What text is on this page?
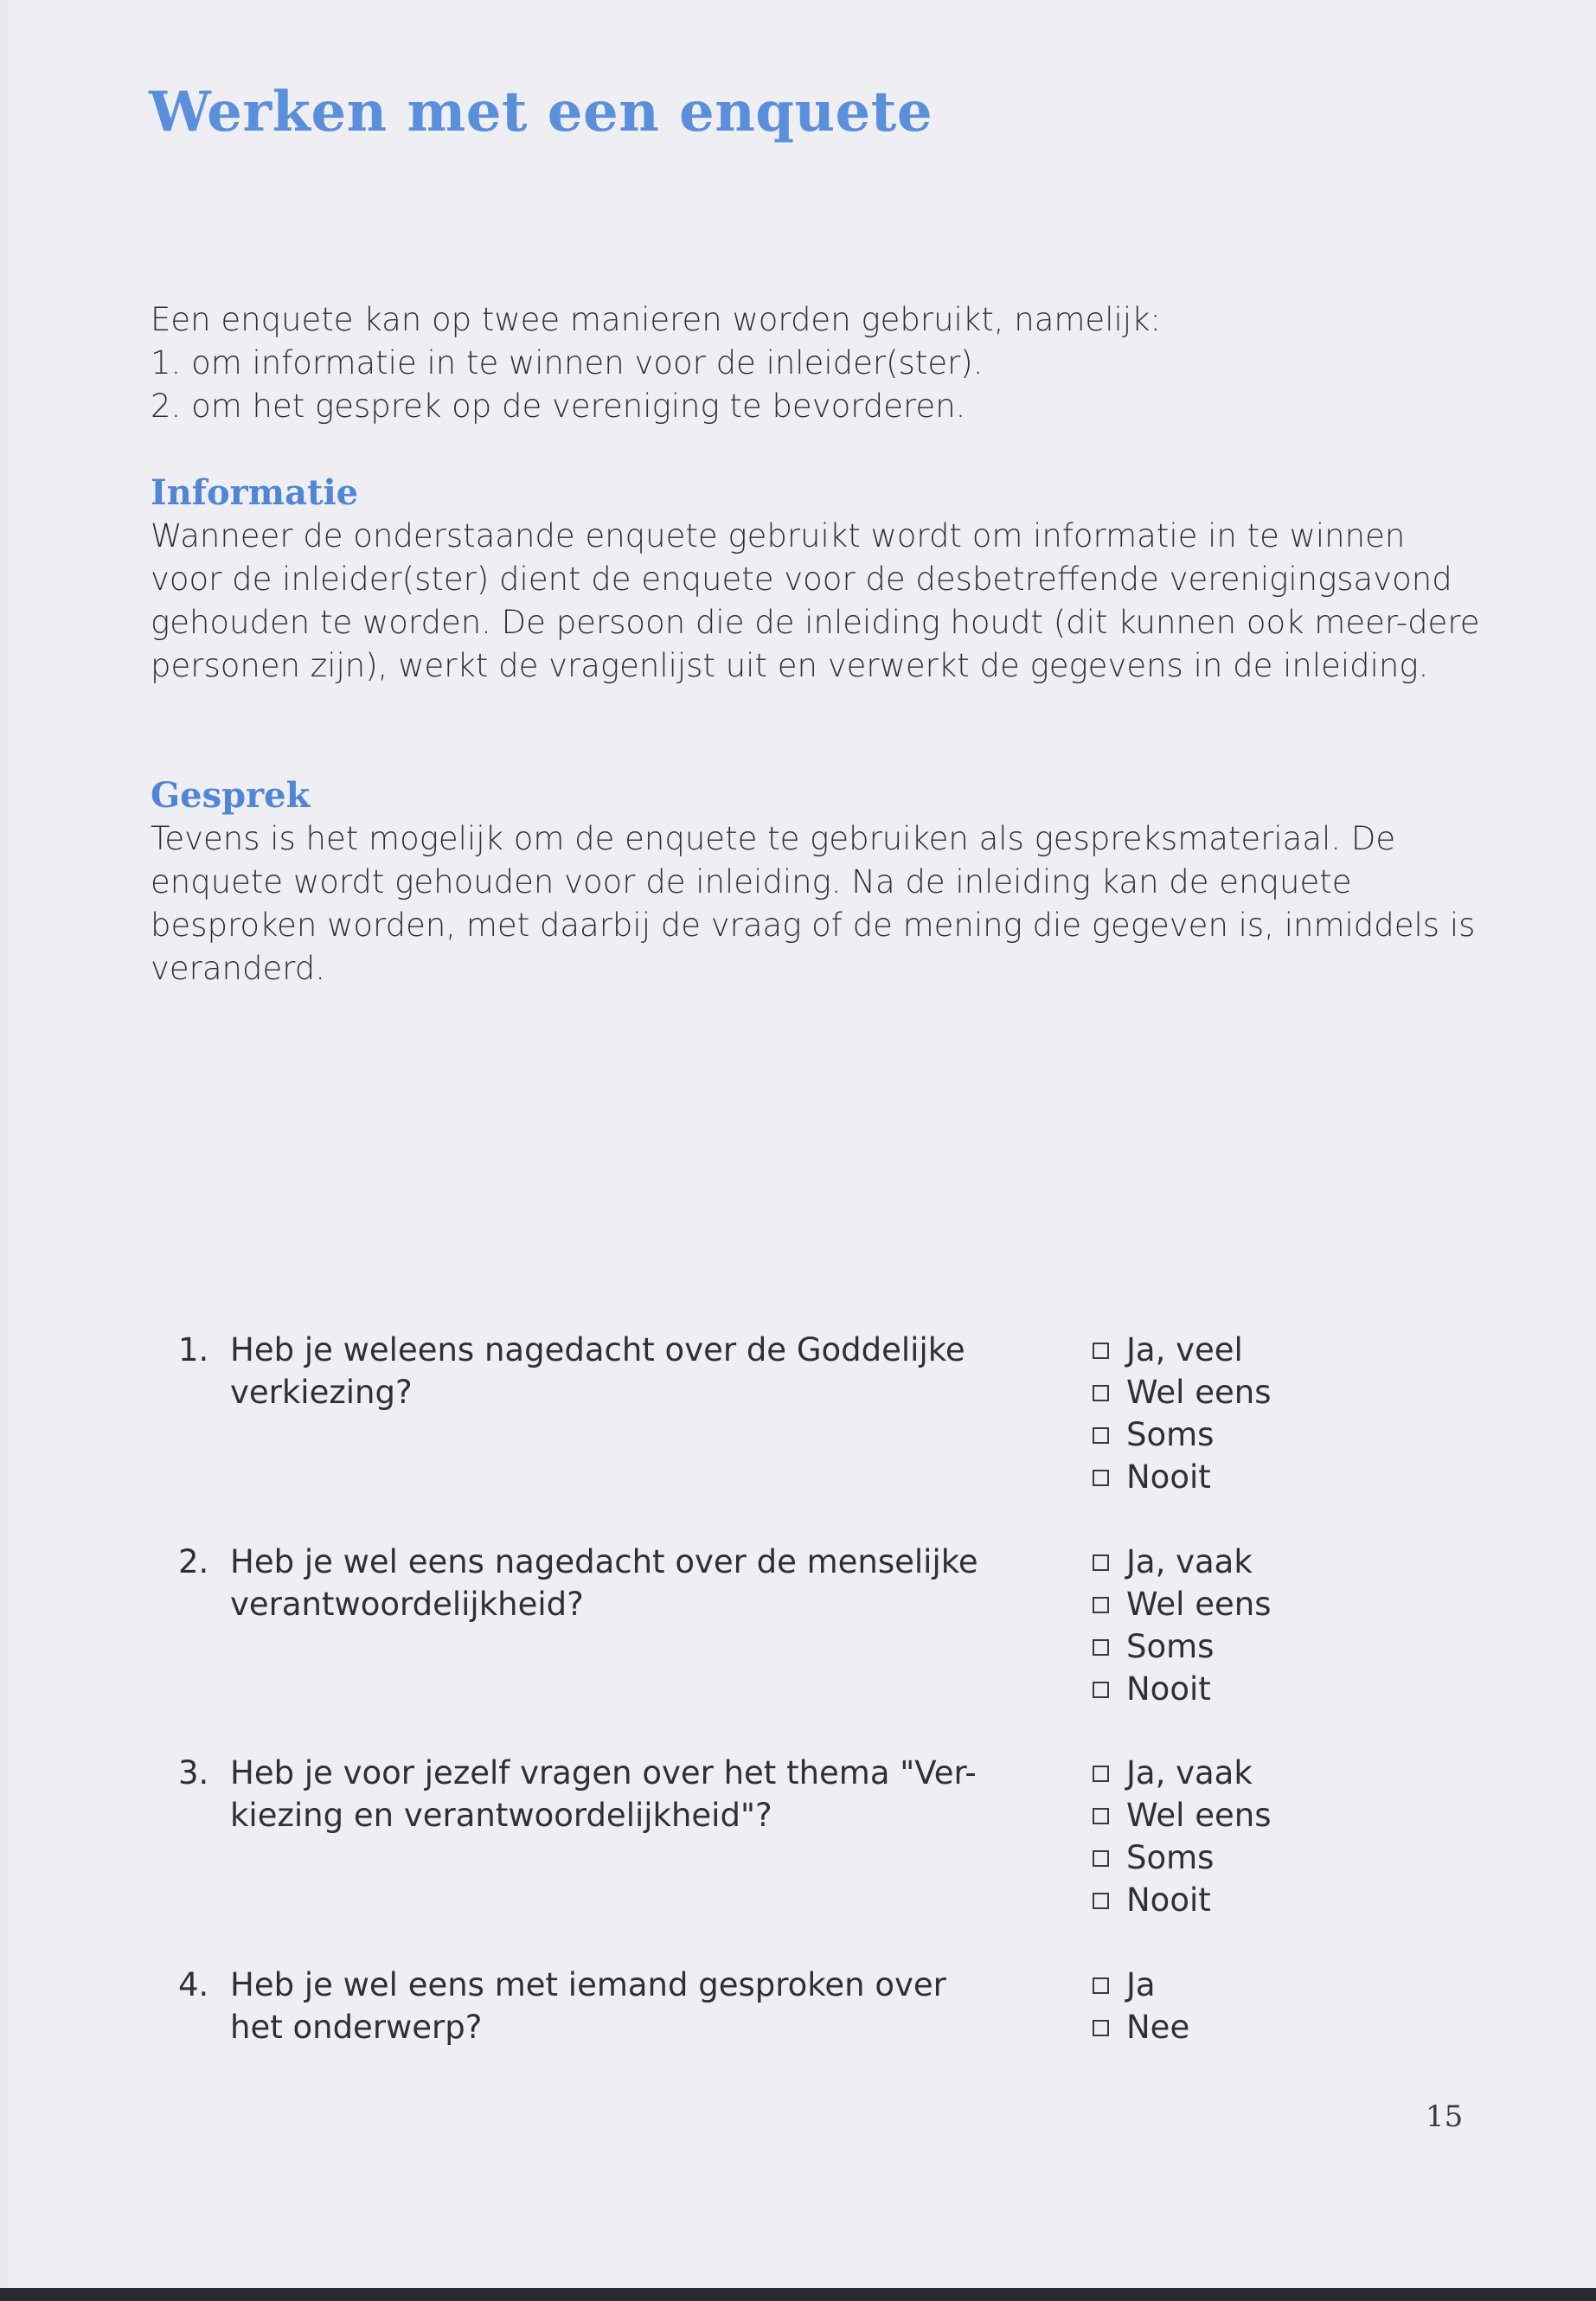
Werken met een enquete

Een enquete kan op twee manieren worden gebruikt, namelijk:

1. om informatie in te winnen voor de inleider(ster).

2. om het gesprek op de vereniging te bevorderen.

Informatie

Wanneer de onderstaande enquete gebruikt wordt om informatie in te winnen voor de inleider(ster) dient de enquete voor de desbetreffende verenigingsavond gehouden te worden. De persoon die de inleiding houdt (dit kunnen ook meer-dere personen zijn), werkt de vragenlijst uit en verwerkt de gegevens in de inleiding.

Gesprek

Tevens is het mogelijk om de enquete te gebruiken als gespreksmateriaal. De enquete wordt gehouden voor de inleiding. Na de inleiding kan de enquete besproken worden, met daarbij de vraag of de mening die gegeven is, inmiddels is veranderd.

1. Heb je weleens nagedacht over de Goddelijke verkiezing?
Ja, veel
Wel eens
Soms
Nooit
2. Heb je wel eens nagedacht over de menselijke verantwoordelijkheid?
Ja, vaak
Wel eens
Soms
Nooit
3. Heb je voor jezelf vragen over het thema "Ver-kiezing en verantwoordelijkheid"?
Ja, vaak
Wel eens
Soms
Nooit
4. Heb je wel eens met iemand gesproken over het onderwerp?
Ja
Nee
15
